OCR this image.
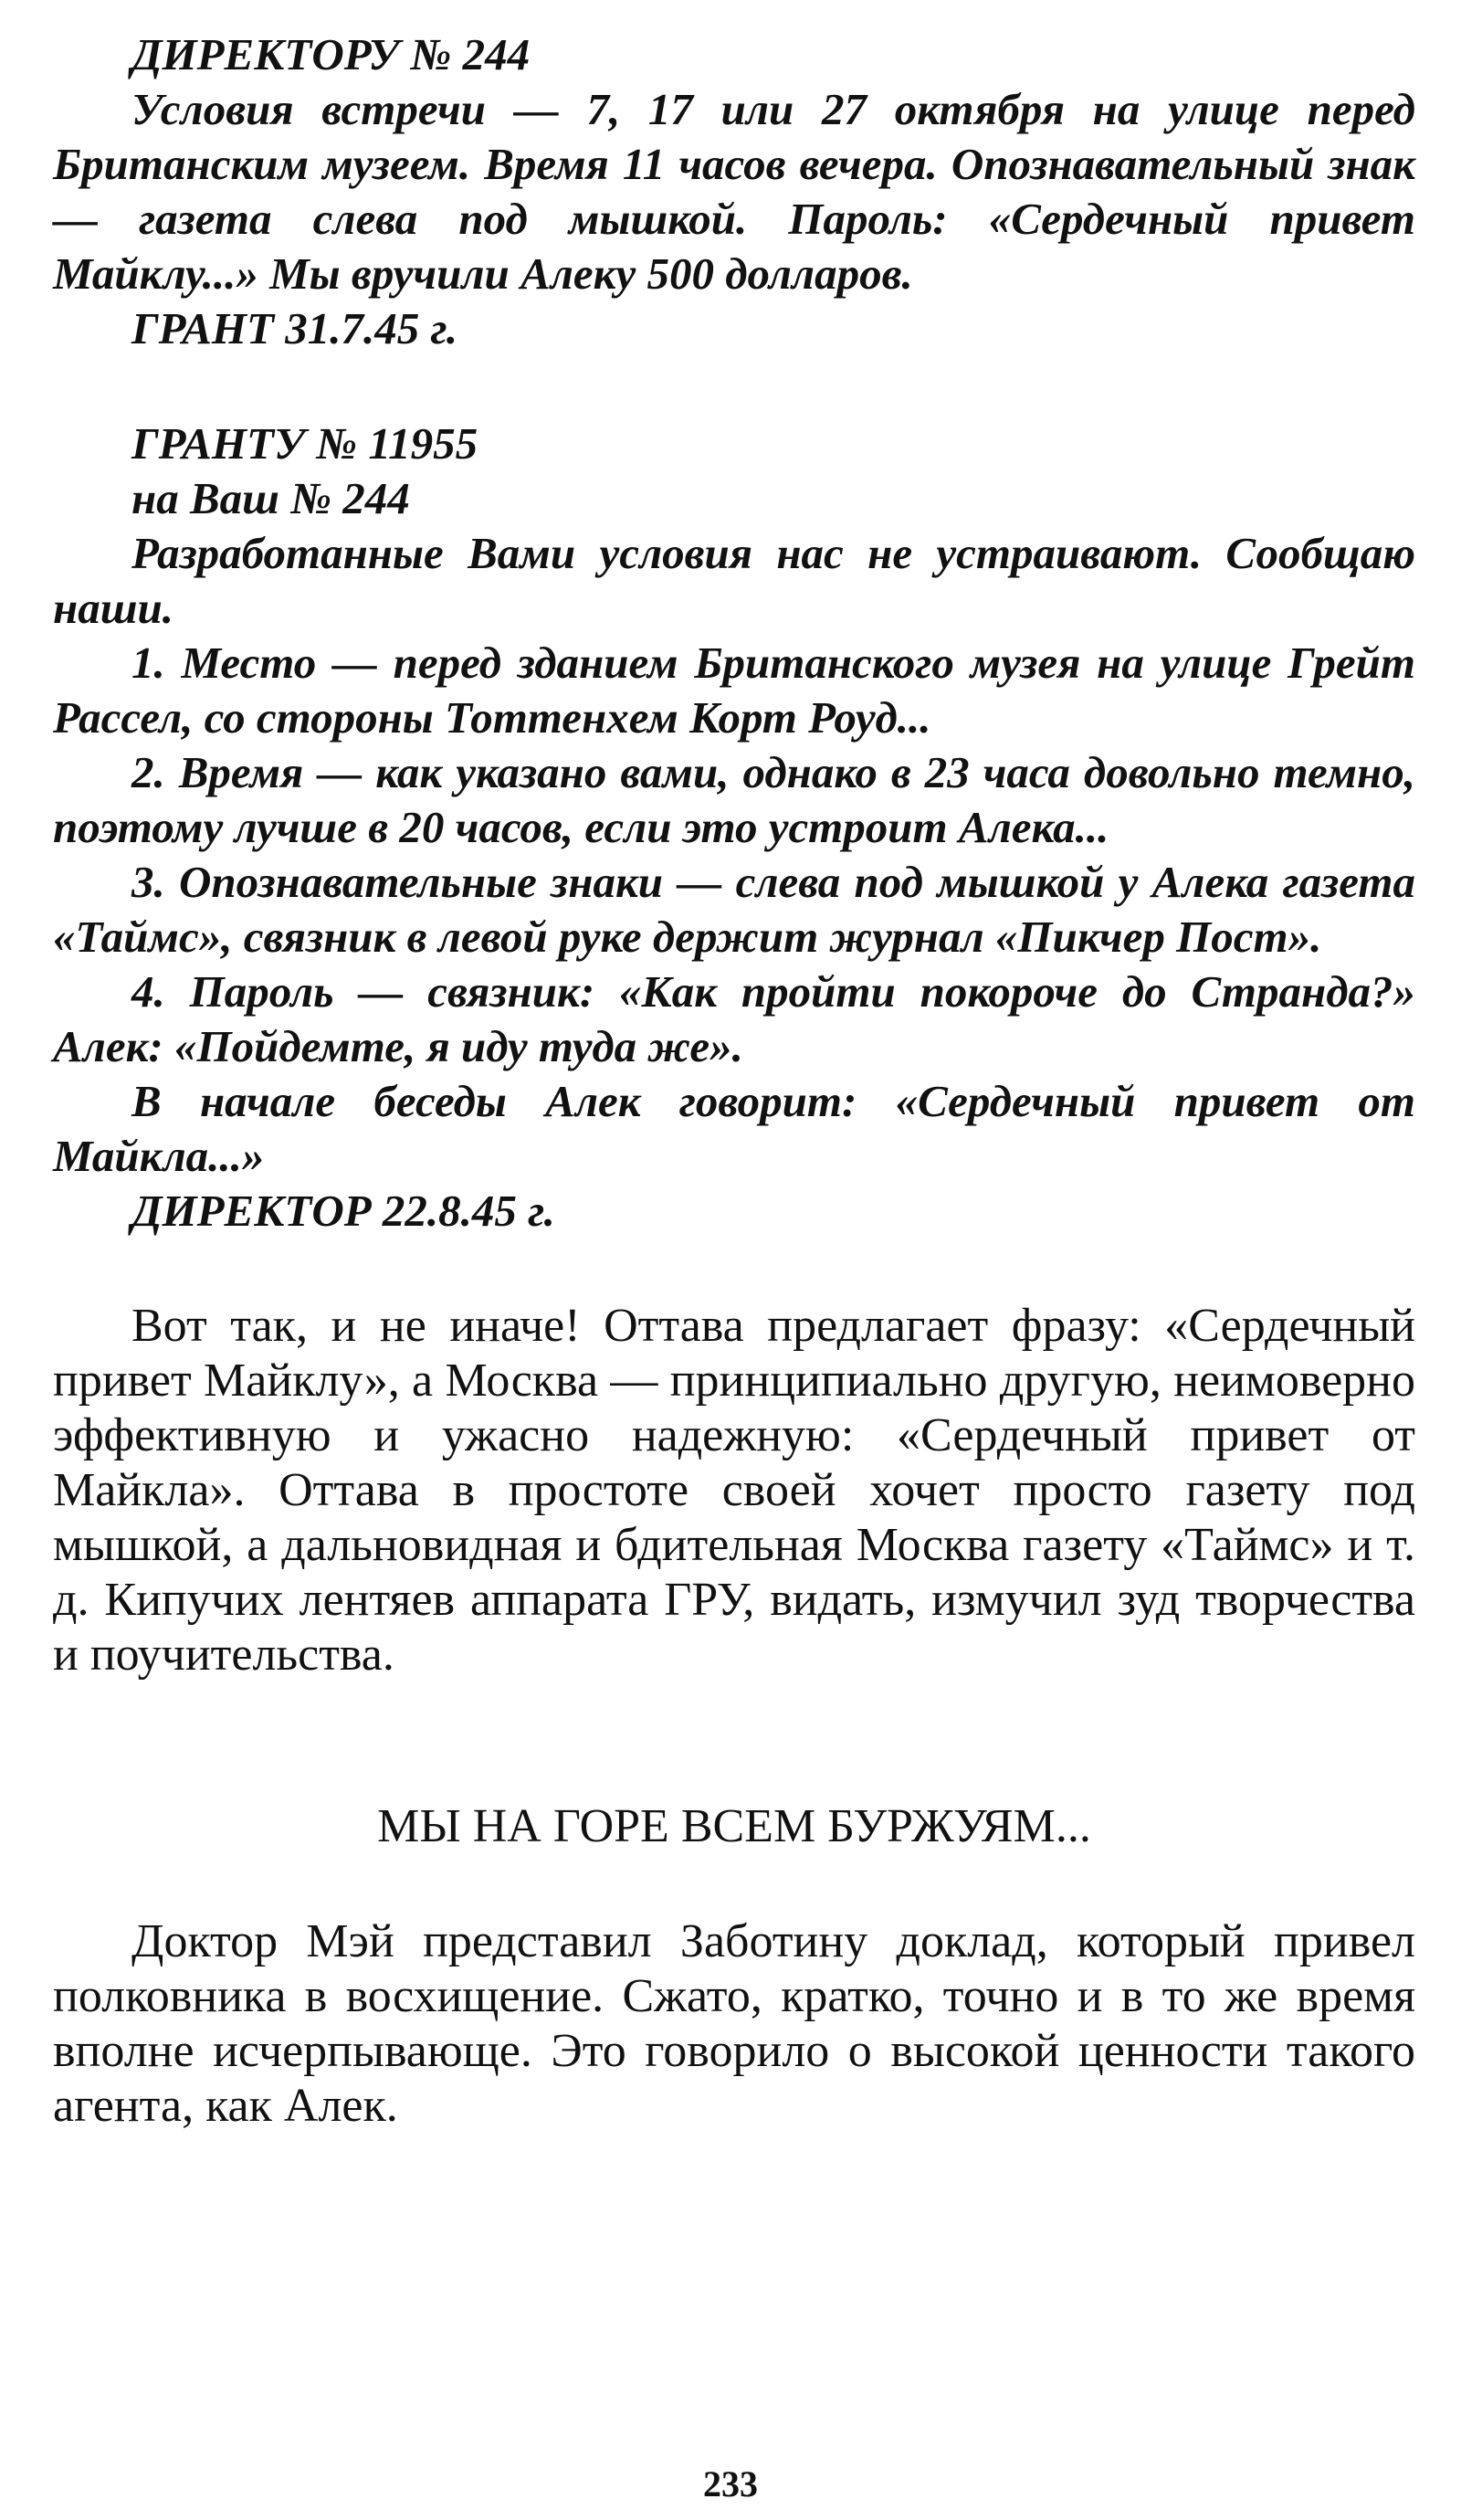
ДИРЕКТОРУ № 244

Условия встречи — 7, 17 или 27 октября на улице перед Британским музеем. Время 11 часов вечера. Опознавательный знак — газета слева под мышкой. Пароль: «Сердечный привет Майклу...» Мы вручили Алеку 500 долларов.

ГРАНТ 31.7.45 г.

ГРАНТУ № 11955

на Ваш № 244

Разработанные Вами условия нас не устраивают. Сообщаю наши.

1. Место — перед зданием Британского музея на улице Грейт Рассел, со стороны Тоттенхем Корт Роуд...

2. Время — как указано вами, однако в 23 часа довольно темно, поэтому лучше в 20 часов, если это устроит Алека...

3. Опознавательные знаки — слева под мышкой у Алека газета «Таймс», связник в левой руке держит журнал «Пикчер Пост».

4. Пароль — связник: «Как пройти покороче до Странда?» Алек: «Пойдемте, я иду туда же».

В начале беседы Алек говорит: «Сердечный привет от Майкла...»

ДИРЕКТОР 22.8.45 г.

Вот так, и не иначе! Оттава предлагает фразу: «Сердечный привет Майклу», а Москва — принципиально другую, неимоверно эффективную и ужасно надежную: «Сердечный привет от Майкла». Оттава в простоте своей хочет просто газету под мышкой, а дальновидная и бдительная Москва газету «Таймс» и т. д. Кипучих лентяев аппарата ГРУ, видать, измучил зуд творчества и поучительства.

МЫ НА ГОРЕ ВСЕМ БУРЖУЯМ...

Доктор Мэй представил Заботину доклад, который привел полковника в восхищение. Сжато, кратко, точно и в то же время вполне исчерпывающе. Это говорило о высокой ценности такого агента, как Алек.

233
